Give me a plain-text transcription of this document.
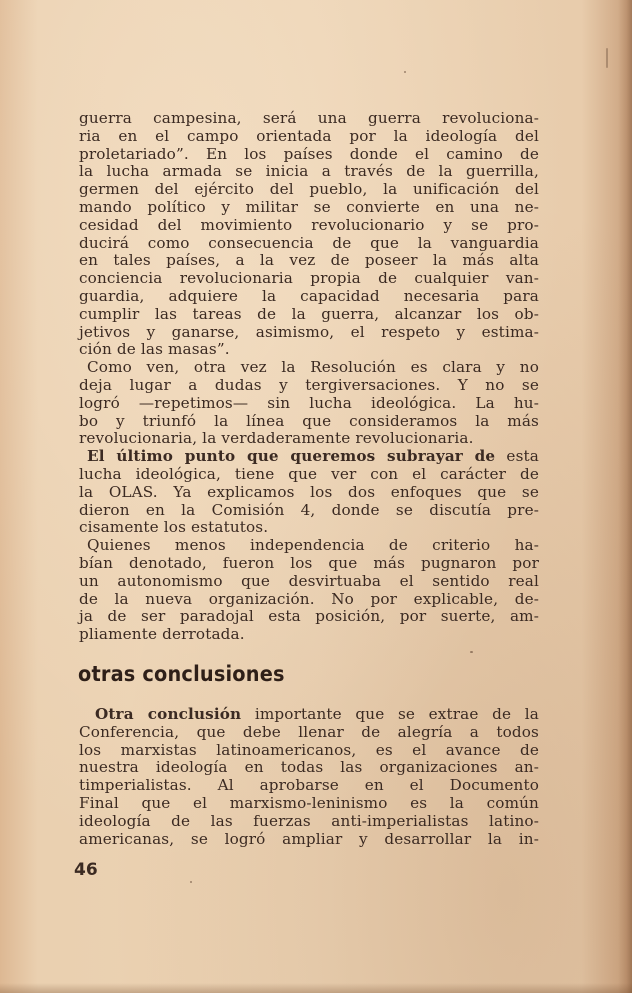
guerra campesina, será una guerra revoluciona-
ria en el campo orientada por la ideología del
proletariado”. En los países donde el camino de
la lucha armada se inicia a través de la guerrilla,
germen del ejército del pueblo, la unificación del
mando político y militar se convierte en una ne-
cesidad del movimiento revolucionario y se pro-
ducirá como consecuencia de que la vanguardia
en tales países, a la vez de poseer la más alta
conciencia revolucionaria propia de cualquier van-
guardia, adquiere la capacidad necesaria para
cumplir las tareas de la guerra, alcanzar los ob-
jetivos y ganarse, asimismo, el respeto y estima-
ción de las masas”.
Como ven, otra vez la Resolución es clara y no
deja lugar a dudas y tergiversaciones. Y no se
logró —repetimos— sin lucha ideológica. La hu-
bo y triunfó la línea que consideramos la más
revolucionaria, la verdaderamente revolucionaria.
El último punto que queremos subrayar de esta
lucha ideológica, tiene que ver con el carácter de
la OLAS. Ya explicamos los dos enfoques que se
dieron en la Comisión 4, donde se discutía pre-
cisamente los estatutos.
Quienes menos independencia de criterio ha-
bían denotado, fueron los que más pugnaron por
un autonomismo que desvirtuaba el sentido real
de la nueva organización. No por explicable, de-
ja de ser paradojal esta posición, por suerte, am-
pliamente derrotada.
otras conclusiones
Otra conclusión importante que se extrae de la
Conferencia, que debe llenar de alegría a todos
los marxistas latinoamericanos, es el avance de
nuestra ideología en todas las organizaciones an-
timperialistas. Al aprobarse en el Documento
Final que el marxismo-leninismo es la común
ideología de las fuerzas anti-imperialistas latino-
americanas, se logró ampliar y desarrollar la in-
46
